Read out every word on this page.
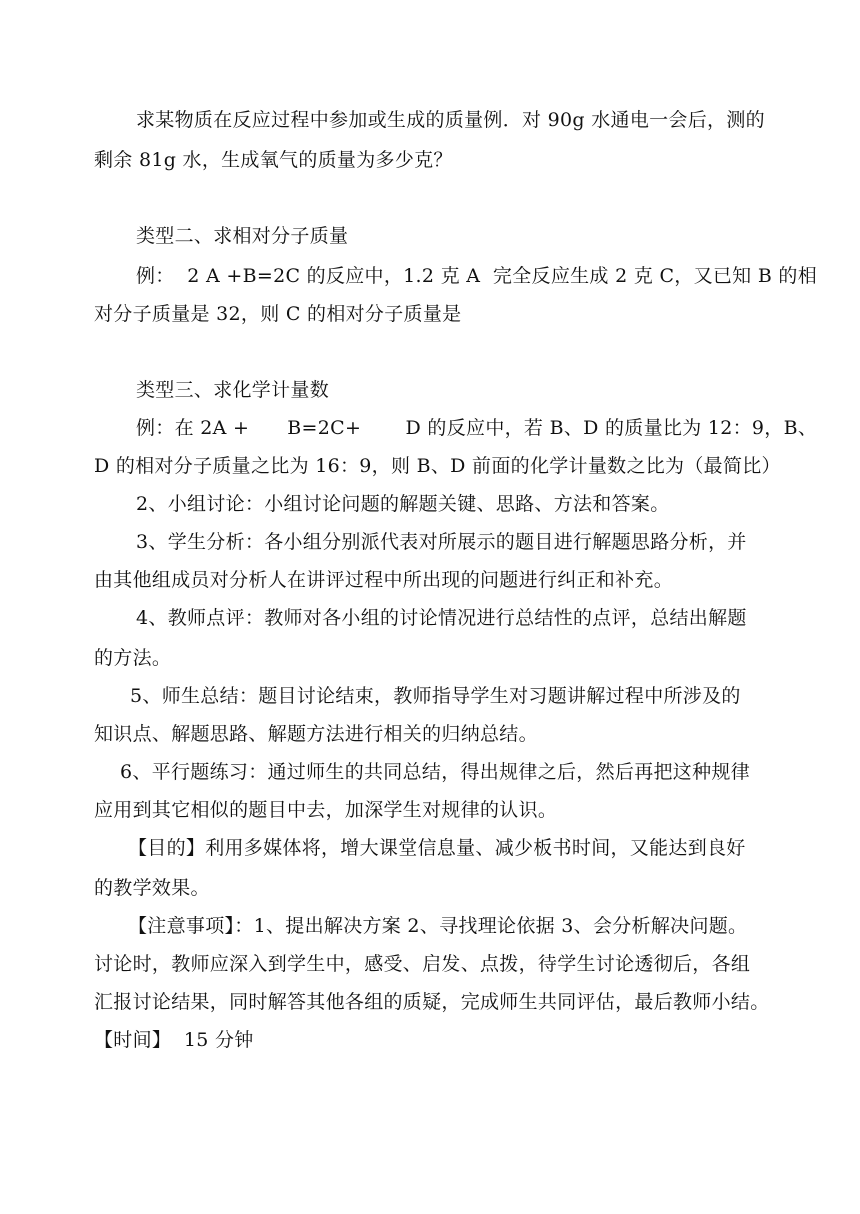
求某物质在反应过程中参加或生成的质量例．对 90g 水通电一会后，测的
剩余 81g 水，生成氧气的质量为多少克？
类型二、求相对分子质量
例：  2 A +B=2C 的反应中，1.2 克 A  完全反应生成 2 克 C，又已知 B 的相
对分子质量是 32，则 C 的相对分子质量是
类型三、求化学计量数
例：在 2A +      B=2C+       D 的反应中，若 B、D 的质量比为 12：9，B、
D 的相对分子质量之比为 16：9，则 B、D 前面的化学计量数之比为（最简比）
2、小组讨论：小组讨论问题的解题关键、思路、方法和答案。
3、学生分析：各小组分别派代表对所展示的题目进行解题思路分析，并
由其他组成员对分析人在讲评过程中所出现的问题进行纠正和补充。
4、教师点评：教师对各小组的讨论情况进行总结性的点评，总结出解题
的方法。
5、师生总结：题目讨论结束，教师指导学生对习题讲解过程中所涉及的
知识点、解题思路、解题方法进行相关的归纳总结。
6、平行题练习：通过师生的共同总结，得出规律之后，然后再把这种规律
应用到其它相似的题目中去，加深学生对规律的认识。
【目的】利用多媒体将，增大课堂信息量、减少板书时间，又能达到良好
的教学效果。
【注意事项】：1、提出解决方案 2、寻找理论依据 3、会分析解决问题。
讨论时，教师应深入到学生中，感受、启发、点拨，待学生讨论透彻后，各组
汇报讨论结果，同时解答其他各组的质疑，完成师生共同评估，最后教师小结。
【时间】  15 分钟
